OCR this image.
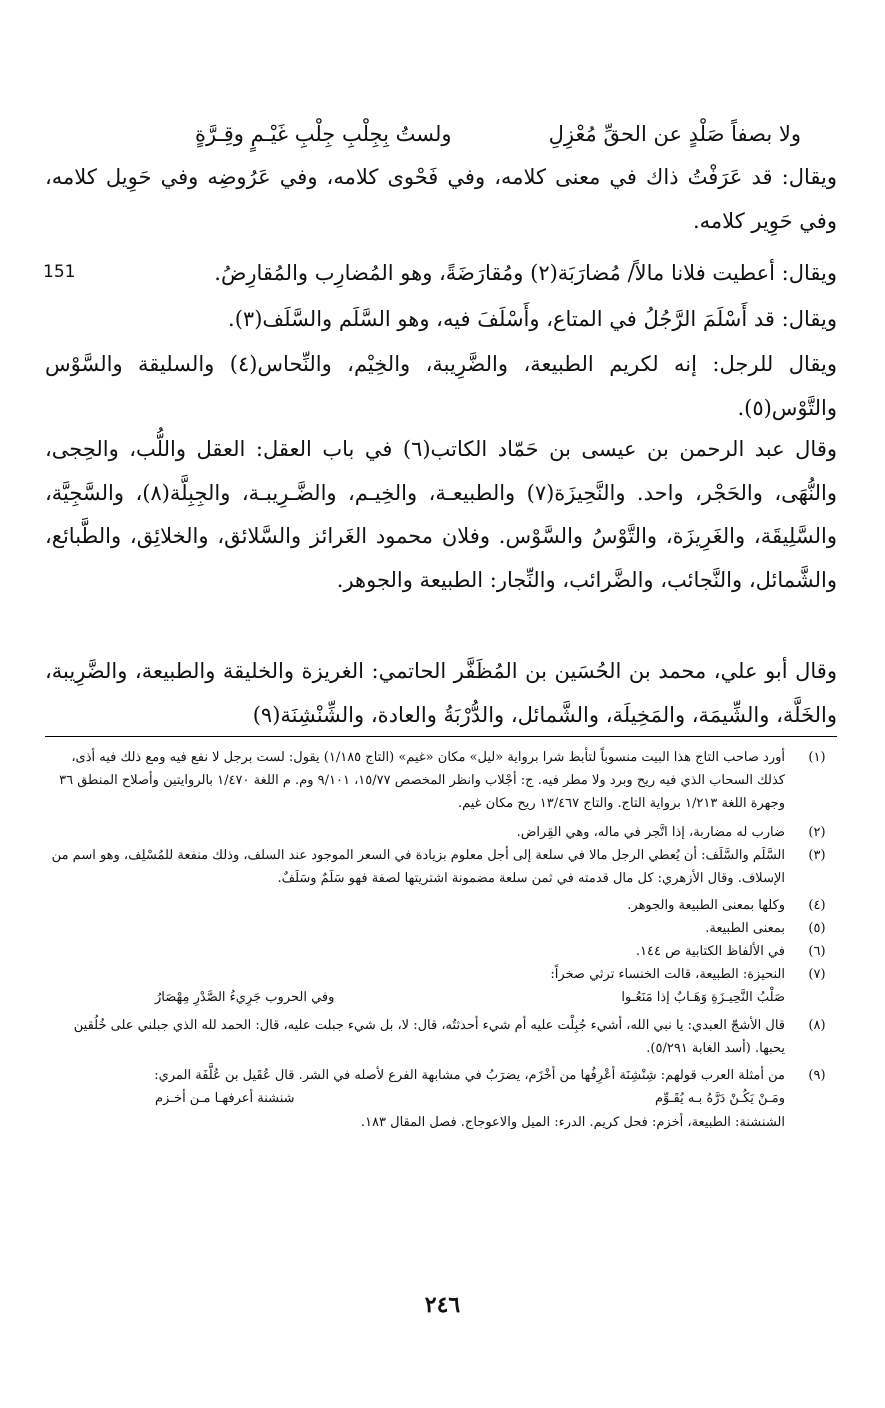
ولا بصفاً صَلْدٍ عن الحقِّ مُعْزِلِ
ولستُ بِجِلْبِ جِلْبِ غَيْـمٍ وقِـرَّةٍ

ويقال: قد عَرَفْتُ ذاك في معنى كلامه، وفي فَحْوى كلامه، وفي عَرُوضِه وفي حَوِيل كلامه، وفي حَوِير كلامه.

ويقال: أعطيت فلانا مالاً/ مُضارَبَة(٢) ومُقارَضَةً، وهو المُضارِب والمُقارِضُ.

151

ويقال: قد أَسْلَمَ الرَّجُلُ في المتاع، وأَسْلَفَ فيه، وهو السَّلَم والسَّلَف(٣).

ويقال للرجل: إنه لكريم الطبيعة، والضَّرِيبة، والخِيْم، والنِّحاس(٤) والسليقة والسَّوْس والتَّوْس(٥).

وقال عبد الرحمن بن عيسى بن حَمّاد الكاتب(٦) في باب العقل: العقل واللُّب، والحِجى، والنُّهَى، والحَجْر، واحد. والنَّحِيزَة(٧) والطبيعـة، والخِيـم، والضَّـرِيبـة، والجِبِلَّة(٨)، والسَّجِيَّة، والسَّلِيقَة، والغَرِيزَة، والتَّوْسُ والسَّوْس. وفلان محمود الغَرائز والسَّلائق، والخلائِق، والطَّبائع، والشَّمائل، والنَّجائب، والضَّرائب، والنِّجار: الطبيعة والجوهر.

وقال أبو علي، محمد بن الحُسَين بن المُظَفَّر الحاتمي: الغريزة والخليقة والطبيعة، والضَّرِيبة، والخَلَّة، والشِّيمَة، والمَخِيلَة، والشَّمائل، والدُّرْبَةُ والعادة، والشِّنْشِنَة(٩)

(١)
أورد صاحب التاج هذا البيت منسوباً لتأبط شرا برواية «ليل» مكان «غيم» (التاج ١/١٨٥) يقول: لست برجل لا نفع فيه ومع ذلك فيه أذى، كذلك السحاب الذي فيه ريح وبرد ولا مطر فيه. ج: أجْلاب وانظر المخصص ١٥/٧٧، ٩/١٠١ وم. م اللغة ١/٤٧٠ بالروايتين وأصلاح المنطق ٣٦ وجهرة اللغة ١/٢١٣ برواية التاج. والتاج ١٣/٤٦٧ ريح مكان غيم.
(٢)
ضارب له مضاربة، إذا اتَّجر في ماله، وهي القِراض.
(٣)
السَّلَم والسَّلَف: أن يُعطي الرجل مالا في سلعة إلى أجل معلوم بزيادة في السعر الموجود عند السلف، وذلك منفعة للمُسْلِف، وهو اسم من الإسلاف. وقال الأزهري: كل مال قدمته في ثمن سلعة مضمونة اشتريتها لصفة فهو سَلَمٌ وسَلَفٌ.
(٤)
وكلها بمعنى الطبيعة والجوهر.
(٥)
بمعنى الطبيعة.
(٦)
في الألفاظ الكتابية ص ١٤٤.
(٧)
النحيزة: الطبيعة، قالت الخنساء ترثي صخراً:
صَلْبُ النَّحِيـزَةِ وَهَـابٌ إذا مَنَعُـوا
وفي الحروب جَرِيءُ الصَّدْرِ مِهْصَارُ
(٨)
قال الأشجّ العبدي: يا نبي الله، أشيء جُبِلْت عليه أم شيء أحدثتُه، قال: لا، بل شيء جبلت عليه، قال: الحمد لله الذي جبلني على خُلُقين يحبها. (أسد الغابة ٥/٢٩١).
(٩)
من أمثلة العرب قولهم: شِنْشِنَة أعْرِفُها من أخْزَم، يضرَبُ في مشابهة الفرع لأصله في الشر. قال عُقَيل بن عُلَّفَة المري:
ومَـنْ يَكُـنْ دَرَّهُ بـه يُقَـوِّم
شنشنة أعرفهـا مـن أخـزم
الشنشنة: الطبيعة، أخزم: فحل كريم. الدرء: الميل والاعوجاج. فصل المقال ١٨٣.
٢٤٦
